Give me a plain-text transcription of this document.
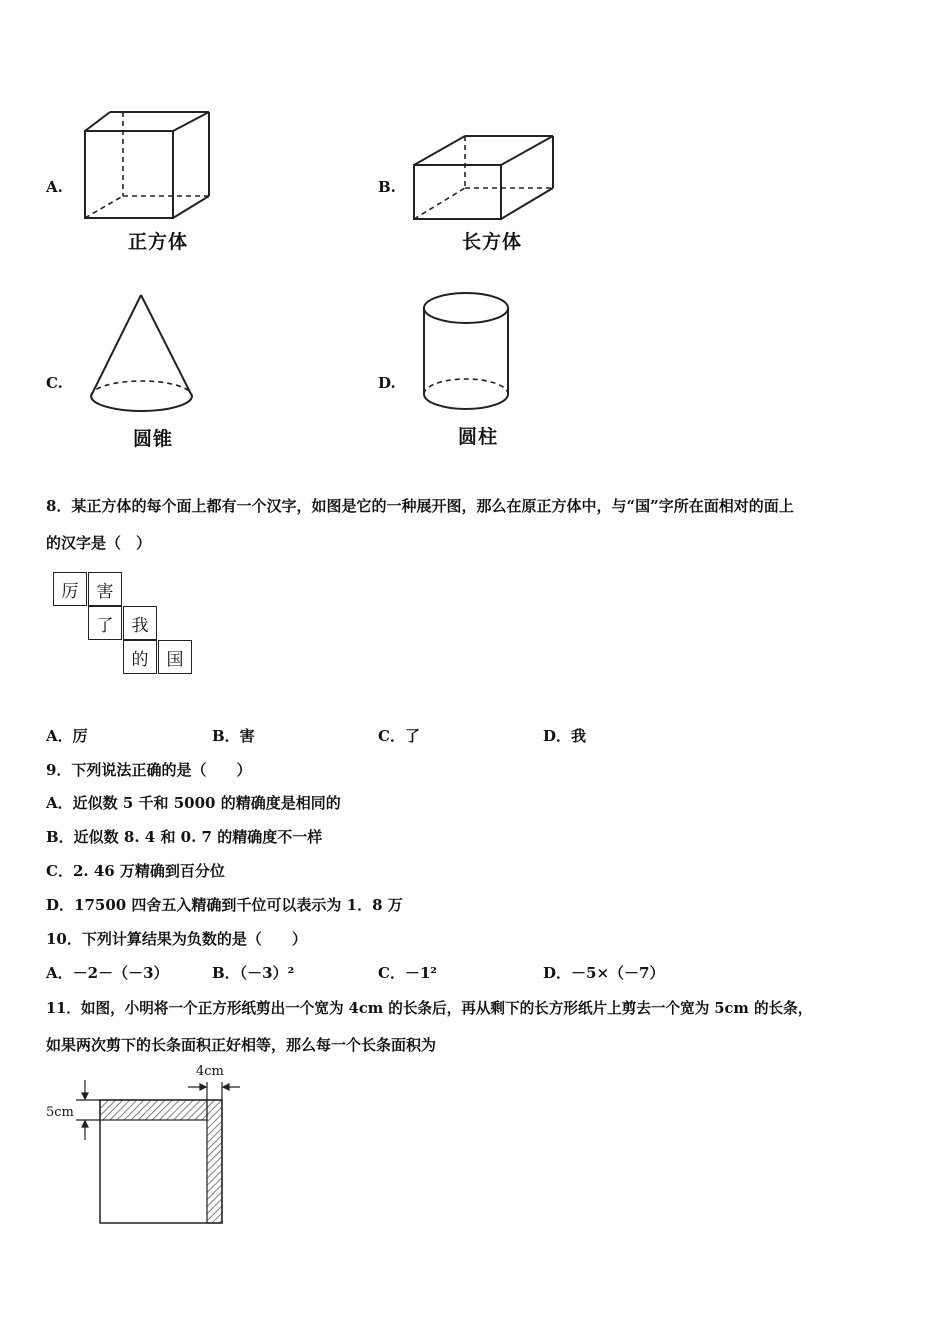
A.
正方体
B.
长方体
C.
圆锥
D.
圆柱
8．某正方体的每个面上都有一个汉字，如图是它的一种展开图，那么在原正方体中，与“国”字所在面相对的面上
的汉字是（　）
厉	害
了	我
的	国
A．厉	B．害	C．了	D．我
9．下列说法正确的是（　　）
A．近似数 5 千和 5000 的精确度是相同的
B．近似数 8. 4 和 0. 7 的精确度不一样
C．2. 46 万精确到百分位
D．17500 四舍五入精确到千位可以表示为 1．8 万
10．下列计算结果为负数的是（　　）
A．－2－（－3）	B．（－3）²	C．－1²	D．－5×（－7）
11．如图，小明将一个正方形纸剪出一个宽为 4cm 的长条后，再从剩下的长方形纸片上剪去一个宽为 5cm 的长条，
如果两次剪下的长条面积正好相等，那么每一个长条面积为
4cm
5cm
